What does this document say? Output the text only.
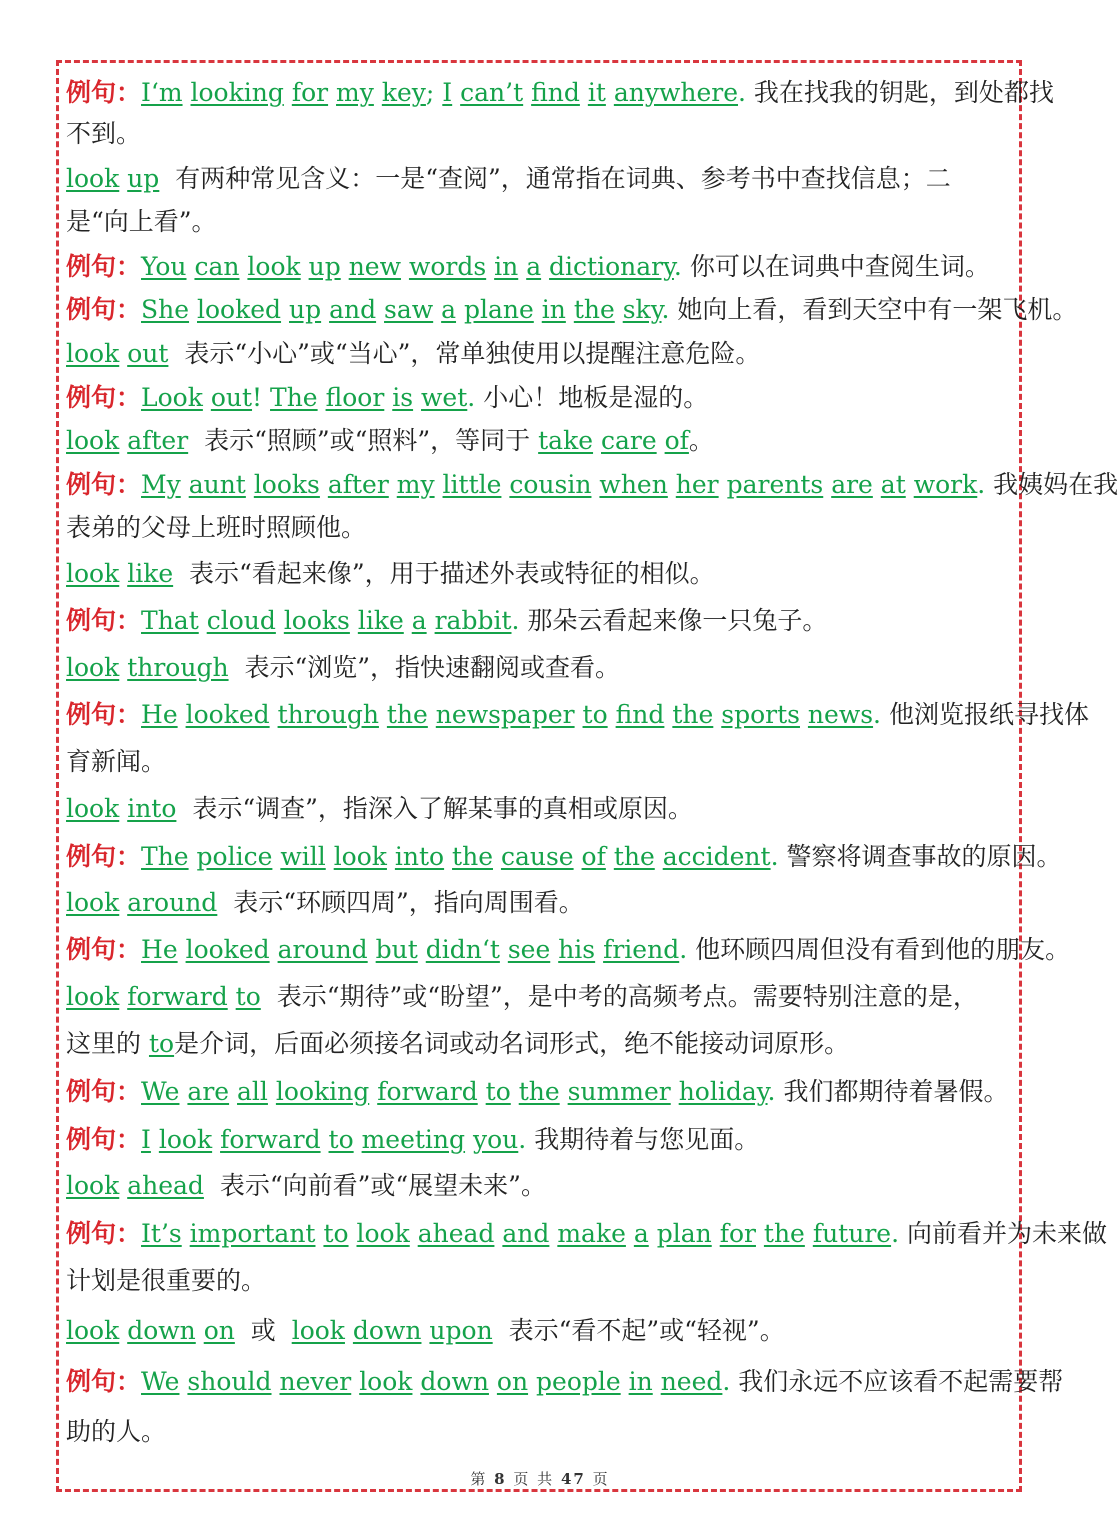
例句：I‘m looking for my key; I can’t find it anywhere. 我在找我的钥匙，到处都找
不到。
look up 有两种常见含义：一是“查阅”，通常指在词典、参考书中查找信息；二
是“向上看”。
例句：You can look up new words in a dictionary. 你可以在词典中查阅生词。
例句：She looked up and saw a plane in the sky. 她向上看，看到天空中有一架飞机。
look out 表示“小心”或“当心”，常单独使用以提醒注意危险。
例句：Look out! The floor is wet. 小心！地板是湿的。
look after 表示“照顾”或“照料”，等同于 take care of。
例句：My aunt looks after my little cousin when her parents are at work. 我姨妈在我
表弟的父母上班时照顾他。
look like 表示“看起来像”，用于描述外表或特征的相似。
例句：That cloud looks like a rabbit. 那朵云看起来像一只兔子。
look through 表示“浏览”，指快速翻阅或查看。
例句：He looked through the newspaper to find the sports news. 他浏览报纸寻找体
育新闻。
look into 表示“调查”，指深入了解某事的真相或原因。
例句：The police will look into the cause of the accident. 警察将调查事故的原因。
look around 表示“环顾四周”，指向周围看。
例句：He looked around but didn‘t see his friend. 他环顾四周但没有看到他的朋友。
look forward to 表示“期待”或“盼望”，是中考的高频考点。需要特别注意的是，
这里的 to是介词，后面必须接名词或动名词形式，绝不能接动词原形。
例句：We are all looking forward to the summer holiday. 我们都期待着暑假。
例句：I look forward to meeting you. 我期待着与您见面。
look ahead 表示“向前看”或“展望未来”。
例句：It’s important to look ahead and make a plan for the future. 向前看并为未来做
计划是很重要的。
look down on 或 look down upon 表示“看不起”或“轻视”。
例句：We should never look down on people in need. 我们永远不应该看不起需要帮
助的人。
第 8 页 共 47 页
